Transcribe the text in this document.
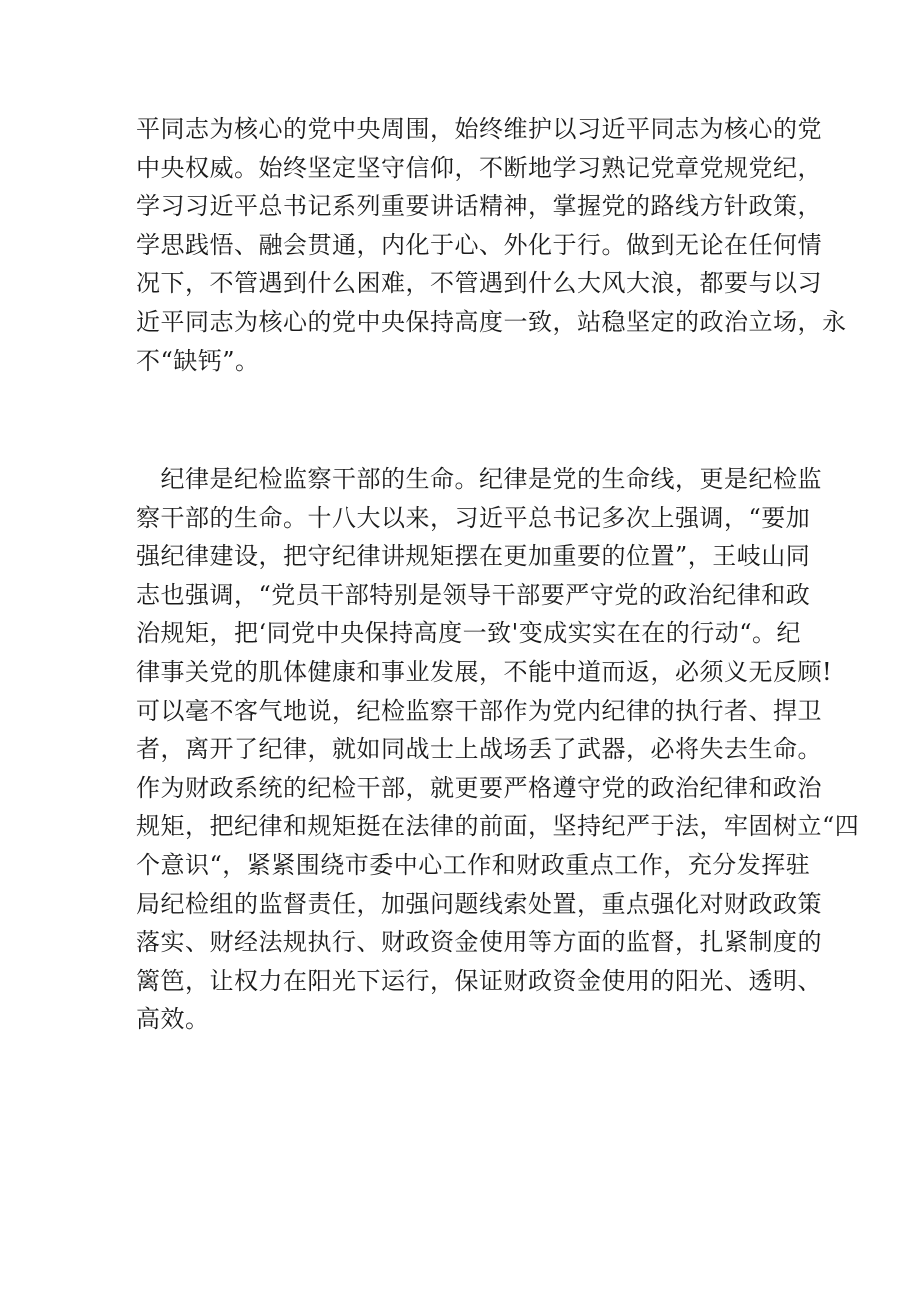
平同志为核心的党中央周围，始终维护以习近平同志为核心的党
中央权威。始终坚定坚守信仰，不断地学习熟记党章党规党纪，
学习习近平总书记系列重要讲话精神，掌握党的路线方针政策，
学思践悟、融会贯通，内化于心、外化于行。做到无论在任何情
况下，不管遇到什么困难，不管遇到什么大风大浪，都要与以习
近平同志为核心的党中央保持高度一致，站稳坚定的政治立场，永
不“缺钙”。
　纪律是纪检监察干部的生命。纪律是党的生命线，更是纪检监
察干部的生命。十八大以来，习近平总书记多次上强调，“要加
强纪律建设，把守纪律讲规矩摆在更加重要的位置”，王岐山同
志也强调，“党员干部特别是领导干部要严守党的政治纪律和政
治规矩，把‘同党中央保持高度一致'变成实实在在的行动“。纪
律事关党的肌体健康和事业发展，不能中道而返，必须义无反顾!
可以毫不客气地说，纪检监察干部作为党内纪律的执行者、捍卫
者，离开了纪律，就如同战士上战场丢了武器，必将失去生命。
作为财政系统的纪检干部，就更要严格遵守党的政治纪律和政治
规矩，把纪律和规矩挺在法律的前面，坚持纪严于法，牢固树立“四
个意识“，紧紧围绕市委中心工作和财政重点工作，充分发挥驻
局纪检组的监督责任，加强问题线索处置，重点强化对财政政策
落实、财经法规执行、财政资金使用等方面的监督，扎紧制度的
篱笆，让权力在阳光下运行，保证财政资金使用的阳光、透明、
高效。
